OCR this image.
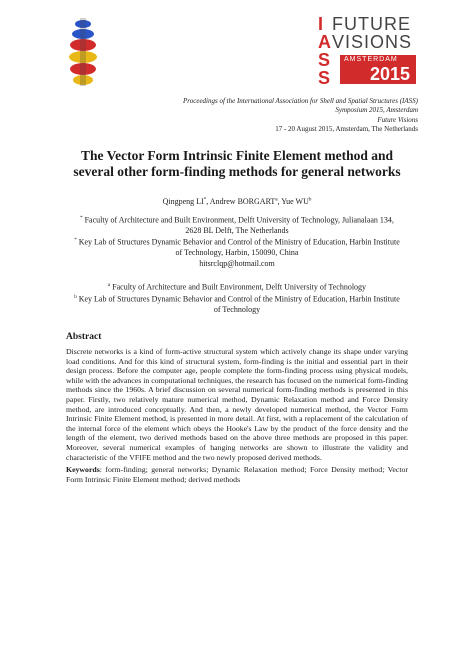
I
A
S
S
FUTURE
VISIONS
AMSTERDAM
2015
Proceedings of the International Association for Shell and Spatial Structures (IASS)
Symposium 2015, Amsterdam
Future Visions
17 - 20 August 2015, Amsterdam, The Netherlands
The Vector Form Intrinsic Finite Element method and
several other form-finding methods for general networks
Qingpeng LI*, Andrew BORGART$^a$, Yue $WU^b$
* Faculty of Architecture and Built Environment, Delft University of Technology, Julianalaan 134,
2628 BL Delft, The Netherlands
* Key Lab of Structures Dynamic Behavior and Control of the Ministry of Education, Harbin Institute
of Technology, Harbin, 150090, China
hitsrclqp@hotmail.com
$^a$ Faculty of Architecture and Built Environment, Delft University of Technology
$^b$ Key Lab of Structures Dynamic Behavior and Control of the Ministry of Education, Harbin Institute
of Technology
Abstract
Discrete networks is a kind of form-active structural system which actively change its shape under varying load conditions. And for this kind of structural system, form-finding is the initial and essential part in their design process. Before the computer age, people complete the form-finding process using physical models, while with the advances in computational techniques, the research has focused on the numerical form-finding methods since the 1960s. A brief discussion on several numerical form-finding methods is presented in this paper. Firstly, two relatively mature numerical method, Dynamic Relaxation method and Force Density method, are introduced conceptually. And then, a newly developed numerical method, the Vector Form Intrinsic Finite Element method, is presented in more detail. At first, with a replacement of the calculation of the internal force of the element which obeys the Hooke's Law by the product of the force density and the length of the element, two derived methods based on the above three methods are proposed in this paper. Moreover, several numerical examples of hanging networks are shown to illustrate the validity and characteristic of the VFIFE method and the two newly proposed derived methods.
Keywords: form-finding; general networks; Dynamic Relaxation method; Force Density method; Vector Form Intrinsic Finite Element method; derived methods
